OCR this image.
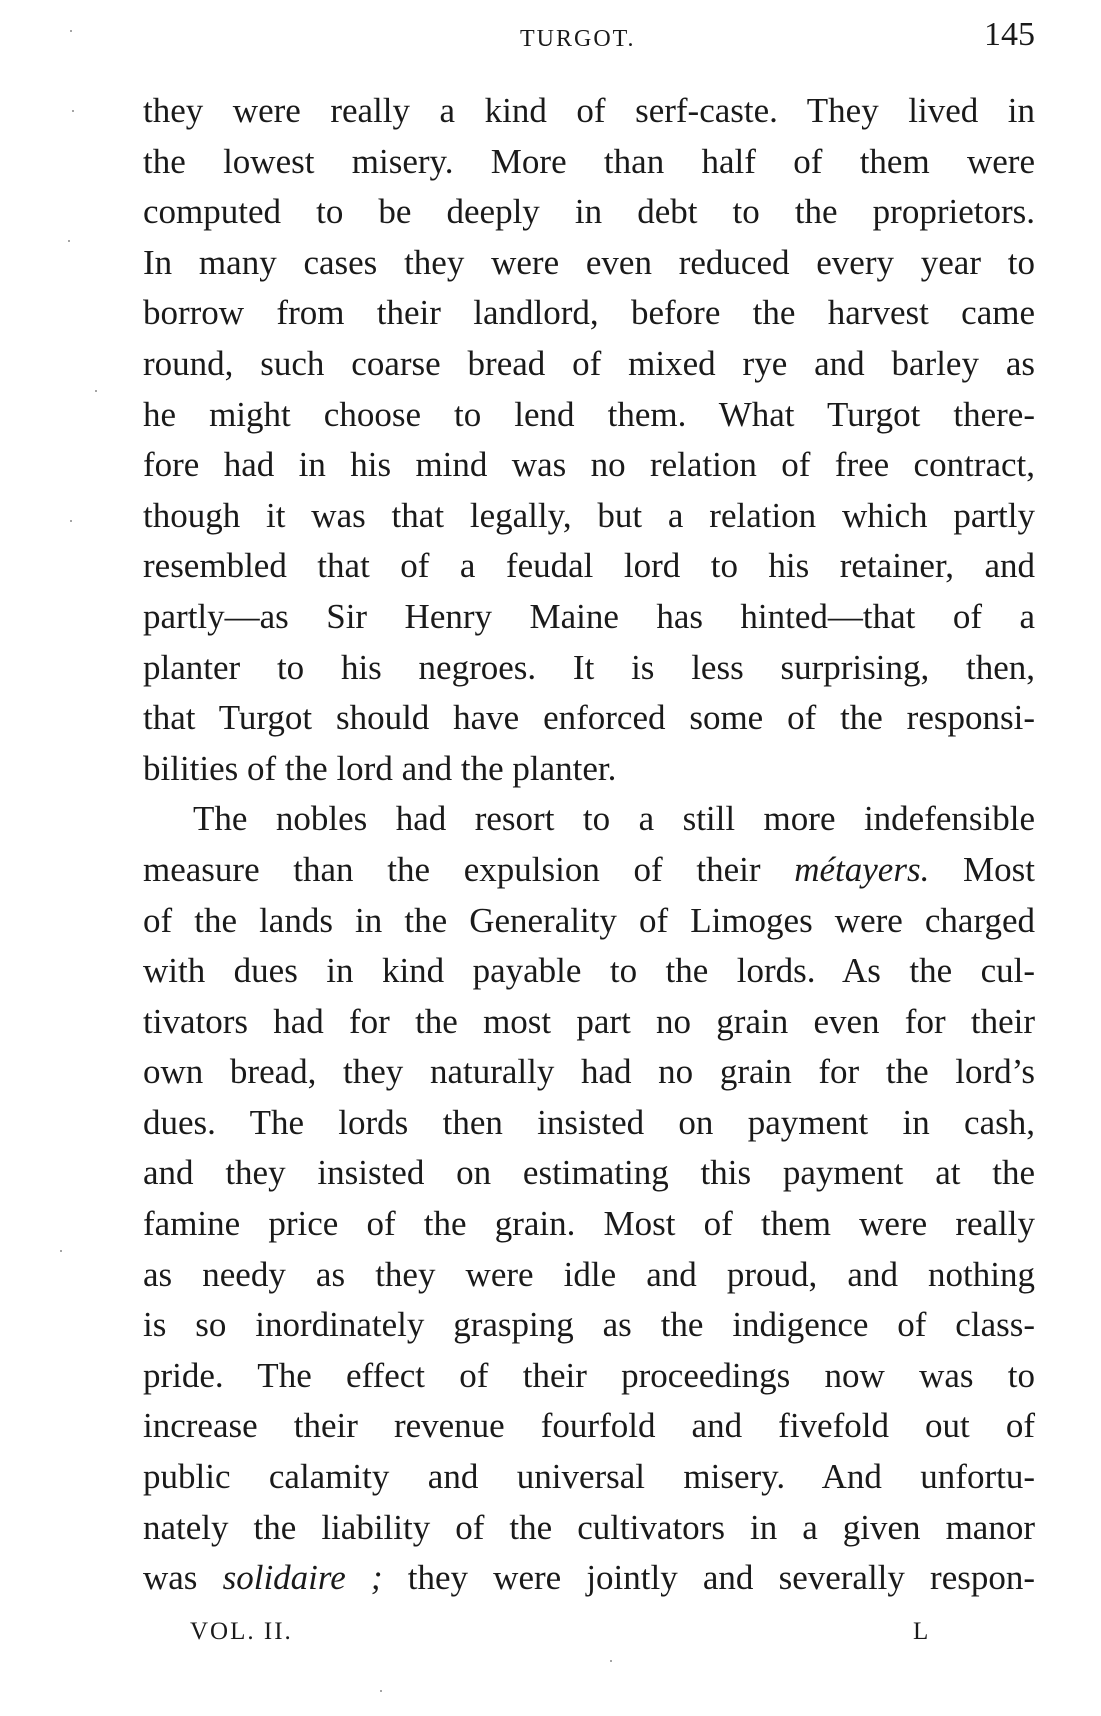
TURGOT.	145
they were really a kind of serf-caste. They lived in
the lowest misery. More than half of them were
computed to be deeply in debt to the proprietors.
In many cases they were even reduced every year to
borrow from their landlord, before the harvest came
round, such coarse bread of mixed rye and barley as
he might choose to lend them. What Turgot there-
fore had in his mind was no relation of free contract,
though it was that legally, but a relation which partly
resembled that of a feudal lord to his retainer, and
partly—as Sir Henry Maine has hinted—that of a
planter to his negroes. It is less surprising, then,
that Turgot should have enforced some of the responsi-
bilities of the lord and the planter.
The nobles had resort to a still more indefensible
measure than the expulsion of their métayers. Most
of the lands in the Generality of Limoges were charged
with dues in kind payable to the lords. As the cul-
tivators had for the most part no grain even for their
own bread, they naturally had no grain for the lord’s
dues. The lords then insisted on payment in cash,
and they insisted on estimating this payment at the
famine price of the grain. Most of them were really
as needy as they were idle and proud, and nothing
is so inordinately grasping as the indigence of class-
pride. The effect of their proceedings now was to
increase their revenue fourfold and fivefold out of
public calamity and universal misery. And unfortu-
nately the liability of the cultivators in a given manor
was solidaire ; they were jointly and severally respon-
VOL. II.	L
